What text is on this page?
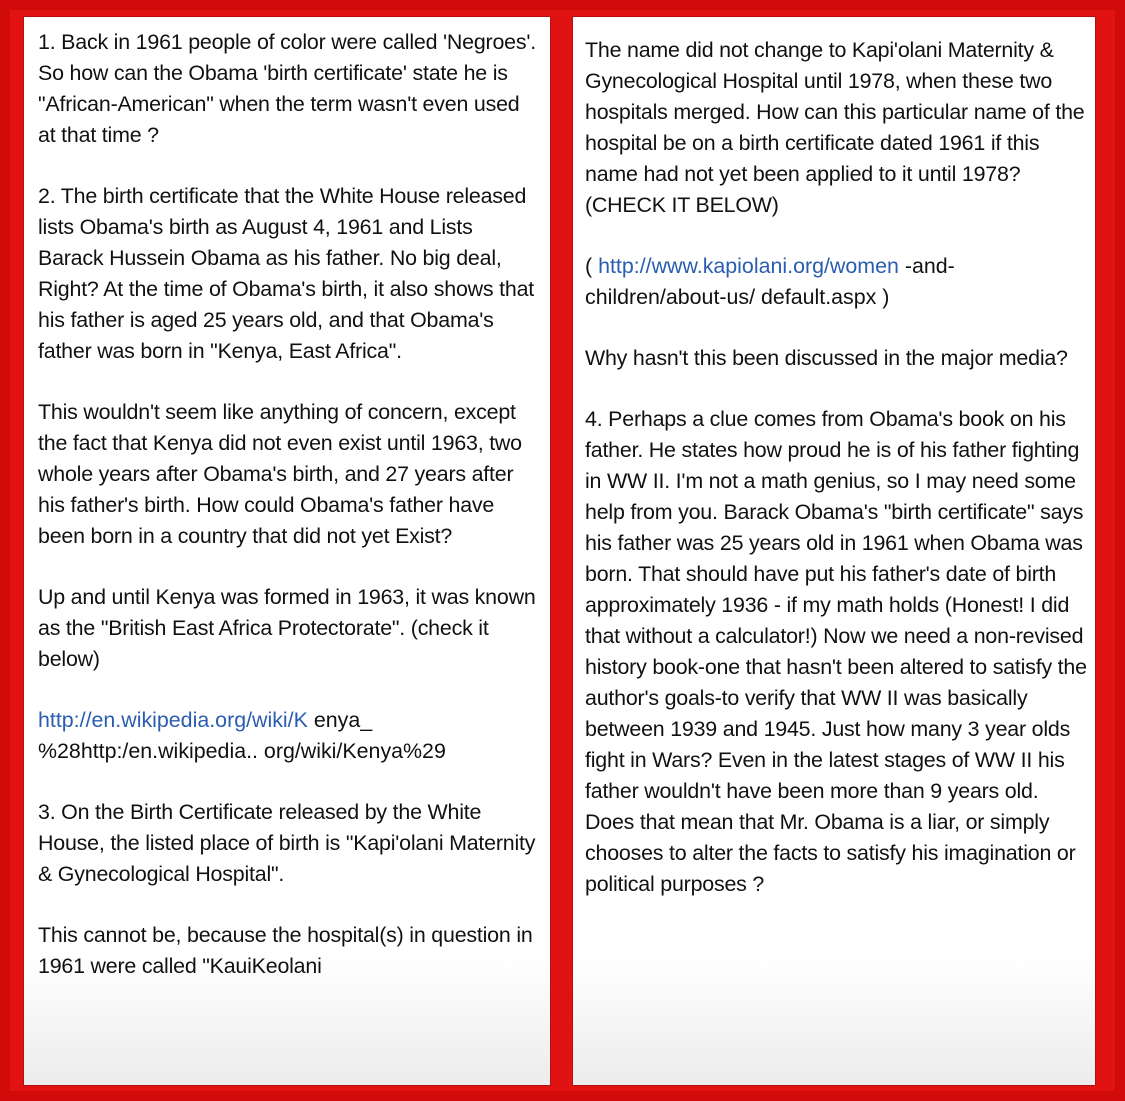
1. Back in 1961 people of color were called 'Negroes'. So how can the Obama 'birth certificate' state he is "African-American" when the term wasn't even used at that time ?

2. The birth certificate that the White House released lists Obama's birth as August 4, 1961 and Lists Barack Hussein Obama as his father. No big deal, Right? At the time of Obama's birth, it also shows that his father is aged 25 years old, and that Obama's father was born in "Kenya, East Africa".

This wouldn't seem like anything of concern, except the fact that Kenya did not even exist until 1963, two whole years after Obama's birth, and 27 years after his father's birth. How could Obama's father have been born in a country that did not yet Exist?

Up and until Kenya was formed in 1963, it was known as the "British East Africa Protectorate". (check it below)

http://en.wikipedia.org/wiki/K enya_
%28http:/en.wikipedia.. org/wiki/Kenya%29

3. On the Birth Certificate released by the White House, the listed place of birth is "Kapi'olani Maternity & Gynecological Hospital".

This cannot be, because the hospital(s) in question in 1961 were called "KauiKeolani

The name did not change to Kapi'olani Maternity & Gynecological Hospital until 1978, when these two hospitals merged. How can this particular name of the hospital be on a birth certificate dated 1961 if this name had not yet been applied to it until 1978? (CHECK IT BELOW)

( http://www.kapiolani.org/women -and-children/about-us/ default.aspx )

Why hasn't this been discussed in the major media?

4. Perhaps a clue comes from Obama's book on his father. He states how proud he is of his father fighting in WW II. I'm not a math genius, so I may need some help from you. Barack Obama's "birth certificate" says his father was 25 years old in 1961 when Obama was born. That should have put his father's date of birth approximately 1936 - if my math holds (Honest! I did that without a calculator!) Now we need a non-revised history book-one that hasn't been altered to satisfy the author's goals-to verify that WW II was basically between 1939 and 1945. Just how many 3 year olds fight in Wars? Even in the latest stages of WW II his father wouldn't have been more than 9 years old. Does that mean that Mr. Obama is a liar, or simply chooses to alter the facts to satisfy his imagination or political purposes ?
